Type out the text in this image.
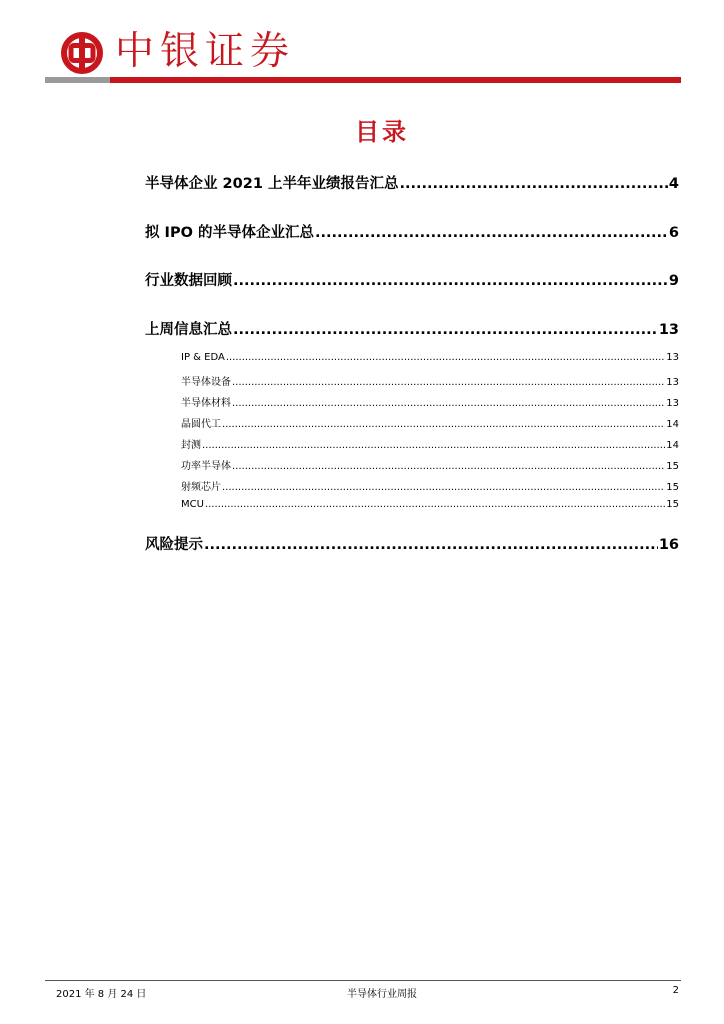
中银证券
目录
半导体企业 2021 上半年业绩报告汇总 .....	4
拟 IPO 的半导体企业汇总 .....	6
行业数据回顾 .....	9
上周信息汇总 .....	13
IP & EDA .....	13
半导体设备 .....	13
半导体材料 .....	13
晶圆代工 .....	14
封测 .....	14
功率半导体 .....	15
射频芯片 .....	15
MCU .....	15
风险提示 .....	16
2021 年 8 月 24 日	半导体行业周报	2
